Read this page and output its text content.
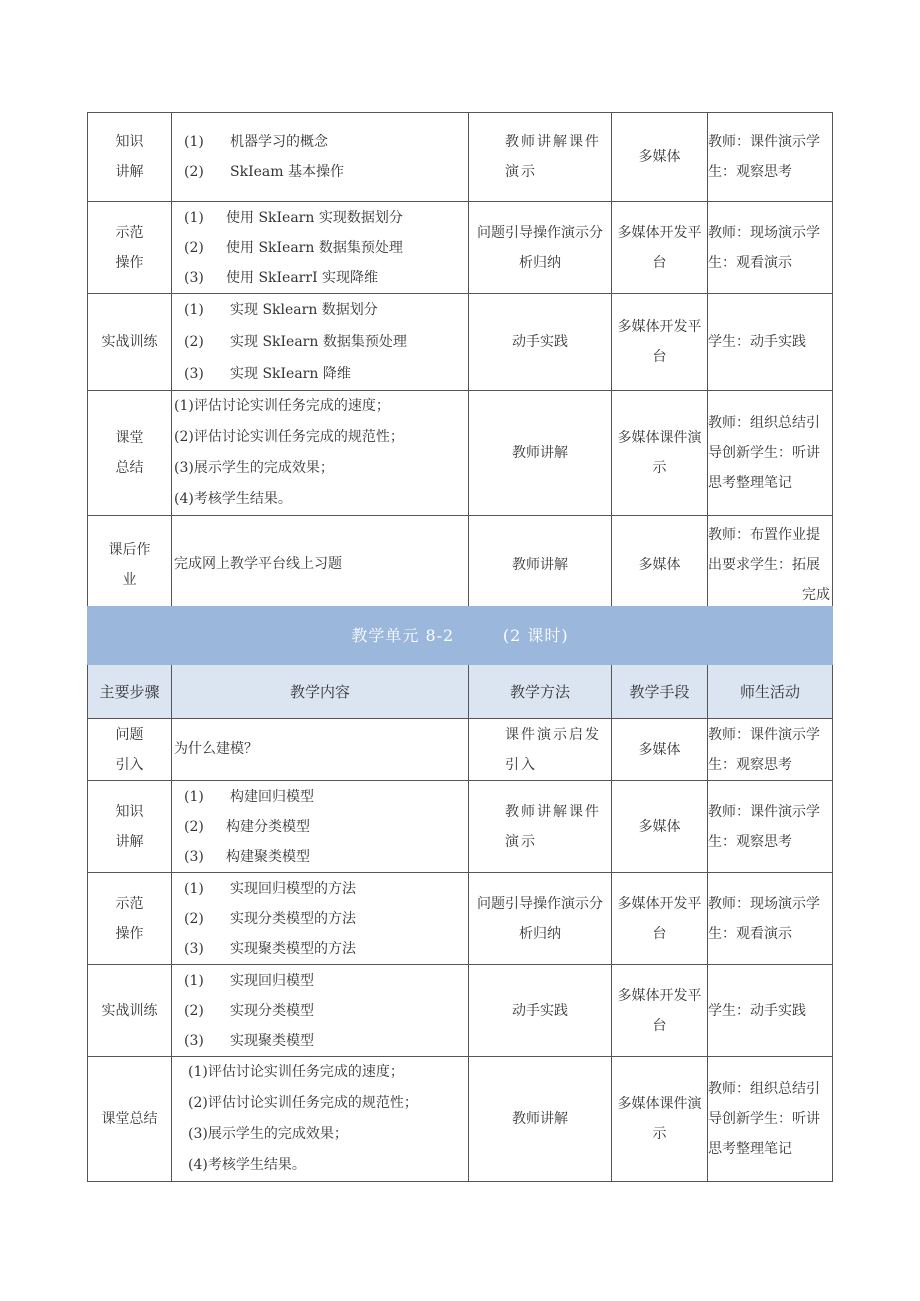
知识
讲解	(1) 机器学习的概念
(2) SkIeam 基本操作	教师讲解课件
演示	多媒体	教师：课件演示学
生：观察思考

示范
操作	(1) 使用 SkIearn 实现数据划分
(2) 使用 SkIearn 数据集预处理
(3) 使用 SkIearrI 实现降维	问题引导操作演示分
析归纳	多媒体开发平
台	教师：现场演示学
生：观看演示

实战训练	(1) 实现 Sklearn 数据划分
(2) 实现 SkIearn 数据集预处理
(3) 实现 SkIearn 降维	动手实践	多媒体开发平
台	学生：动手实践

课堂
总结	(1)评估讨论实训任务完成的速度；
(2)评估讨论实训任务完成的规范性；
(3)展示学生的完成效果；
(4)考核学生结果。	教师讲解	多媒体课件演
示	教师：组织总结引
导创新学生：听讲
思考整理笔记

课后作
业	完成网上教学平台线上习题	教师讲解	多媒体	教师：布置作业提
出要求学生：拓展
完成
教学单元 8-2 (2 课时)				
主要步骤	教学内容	教学方法	教学手段	师生活动

问题
引入	为什么建模？	课件演示启发
引入	多媒体	教师：课件演示学
生：观察思考

知识
讲解	(1) 构建回归模型
(2) 构建分类模型
(3) 构建聚类模型	教师讲解课件
演示	多媒体	教师：课件演示学
生：观察思考

示范
操作	(1) 实现回归模型的方法
(2) 实现分类模型的方法
(3) 实现聚类模型的方法	问题引导操作演示分
析归纳	多媒体开发平
台	教师：现场演示学
生：观看演示

实战训练	(1) 实现回归模型
(2) 实现分类模型
(3) 实现聚类模型	动手实践	多媒体开发平
台	学生：动手实践

课堂总结	(1)评估讨论实训任务完成的速度；
(2)评估讨论实训任务完成的规范性；
(3)展示学生的完成效果；
(4)考核学生结果。	教师讲解	多媒体课件演
示	教师：组织总结引
导创新学生：听讲
思考整理笔记
